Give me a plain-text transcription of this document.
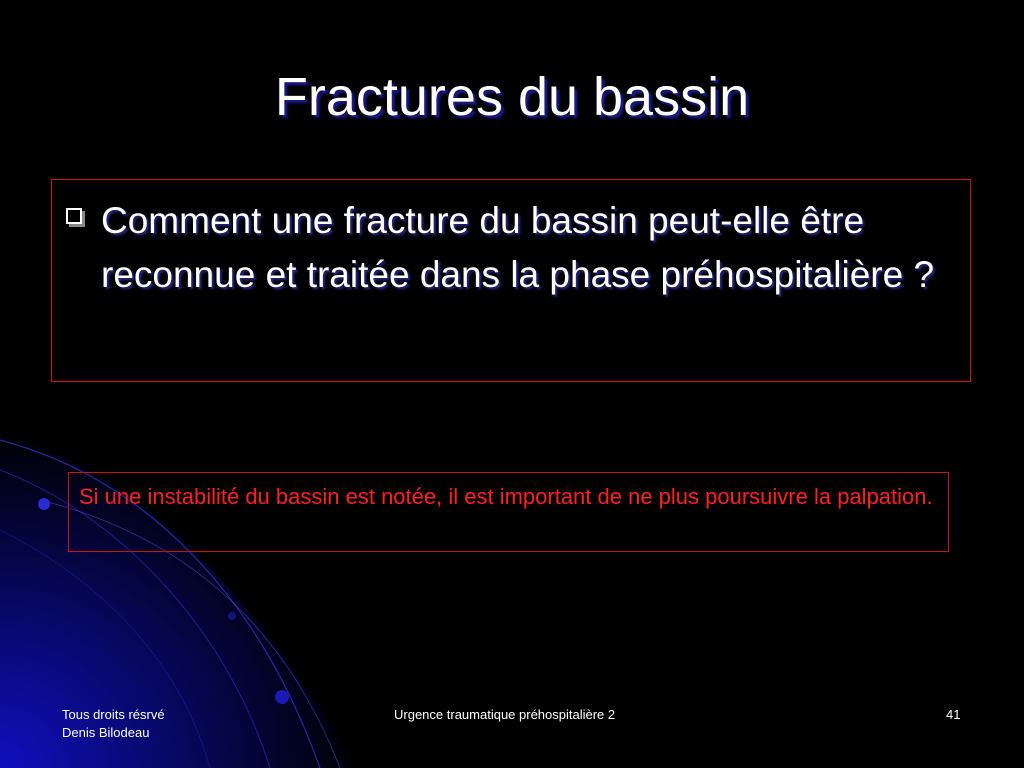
Fractures du bassin
Comment une fracture du bassin peut-elle être reconnue et traitée dans la phase préhospitalière ?
Si une instabilité du bassin est notée, il est important de ne plus poursuivre la palpation.
Tous droits résrvé
Denis Bilodeau
Urgence traumatique préhospitalière 2	41
